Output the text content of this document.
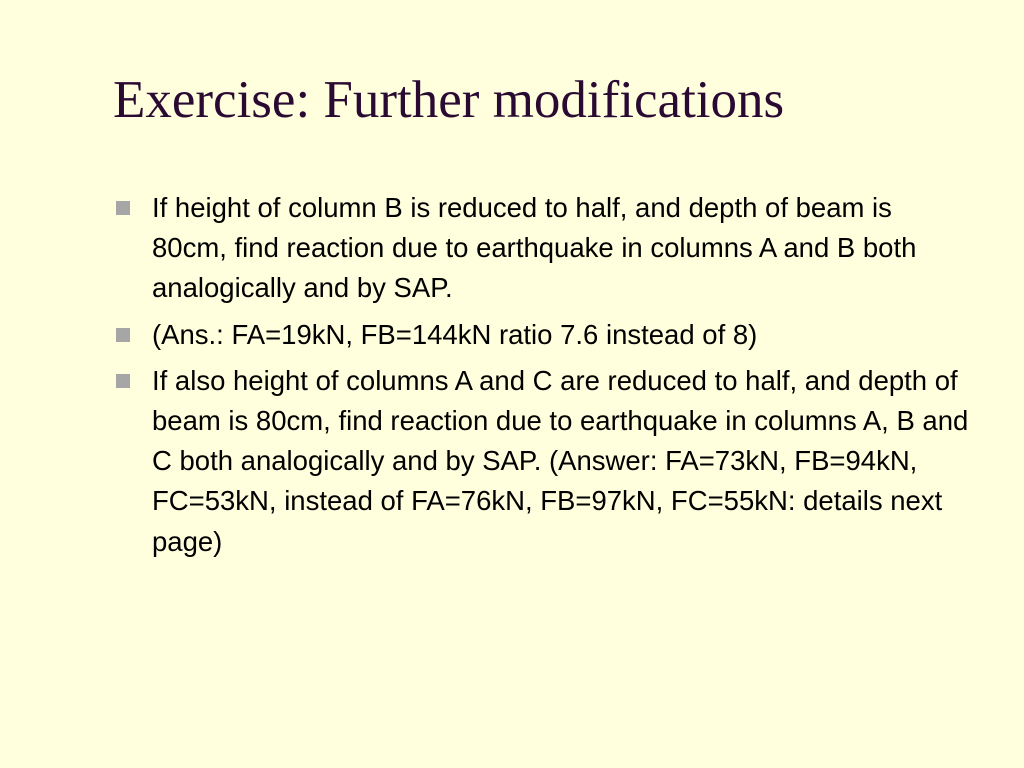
Exercise: Further modifications
If height of column B is reduced to half, and depth of beam is 80cm, find reaction due to earthquake in columns A and B both analogically and by SAP.
(Ans.: FA=19kN, FB=144kN ratio 7.6 instead of 8)
If also height of columns A and C are reduced to half, and depth of beam is 80cm, find reaction due to earthquake in columns A, B and C both analogically and by SAP. (Answer: FA=73kN, FB=94kN, FC=53kN, instead of FA=76kN, FB=97kN, FC=55kN: details next page)
